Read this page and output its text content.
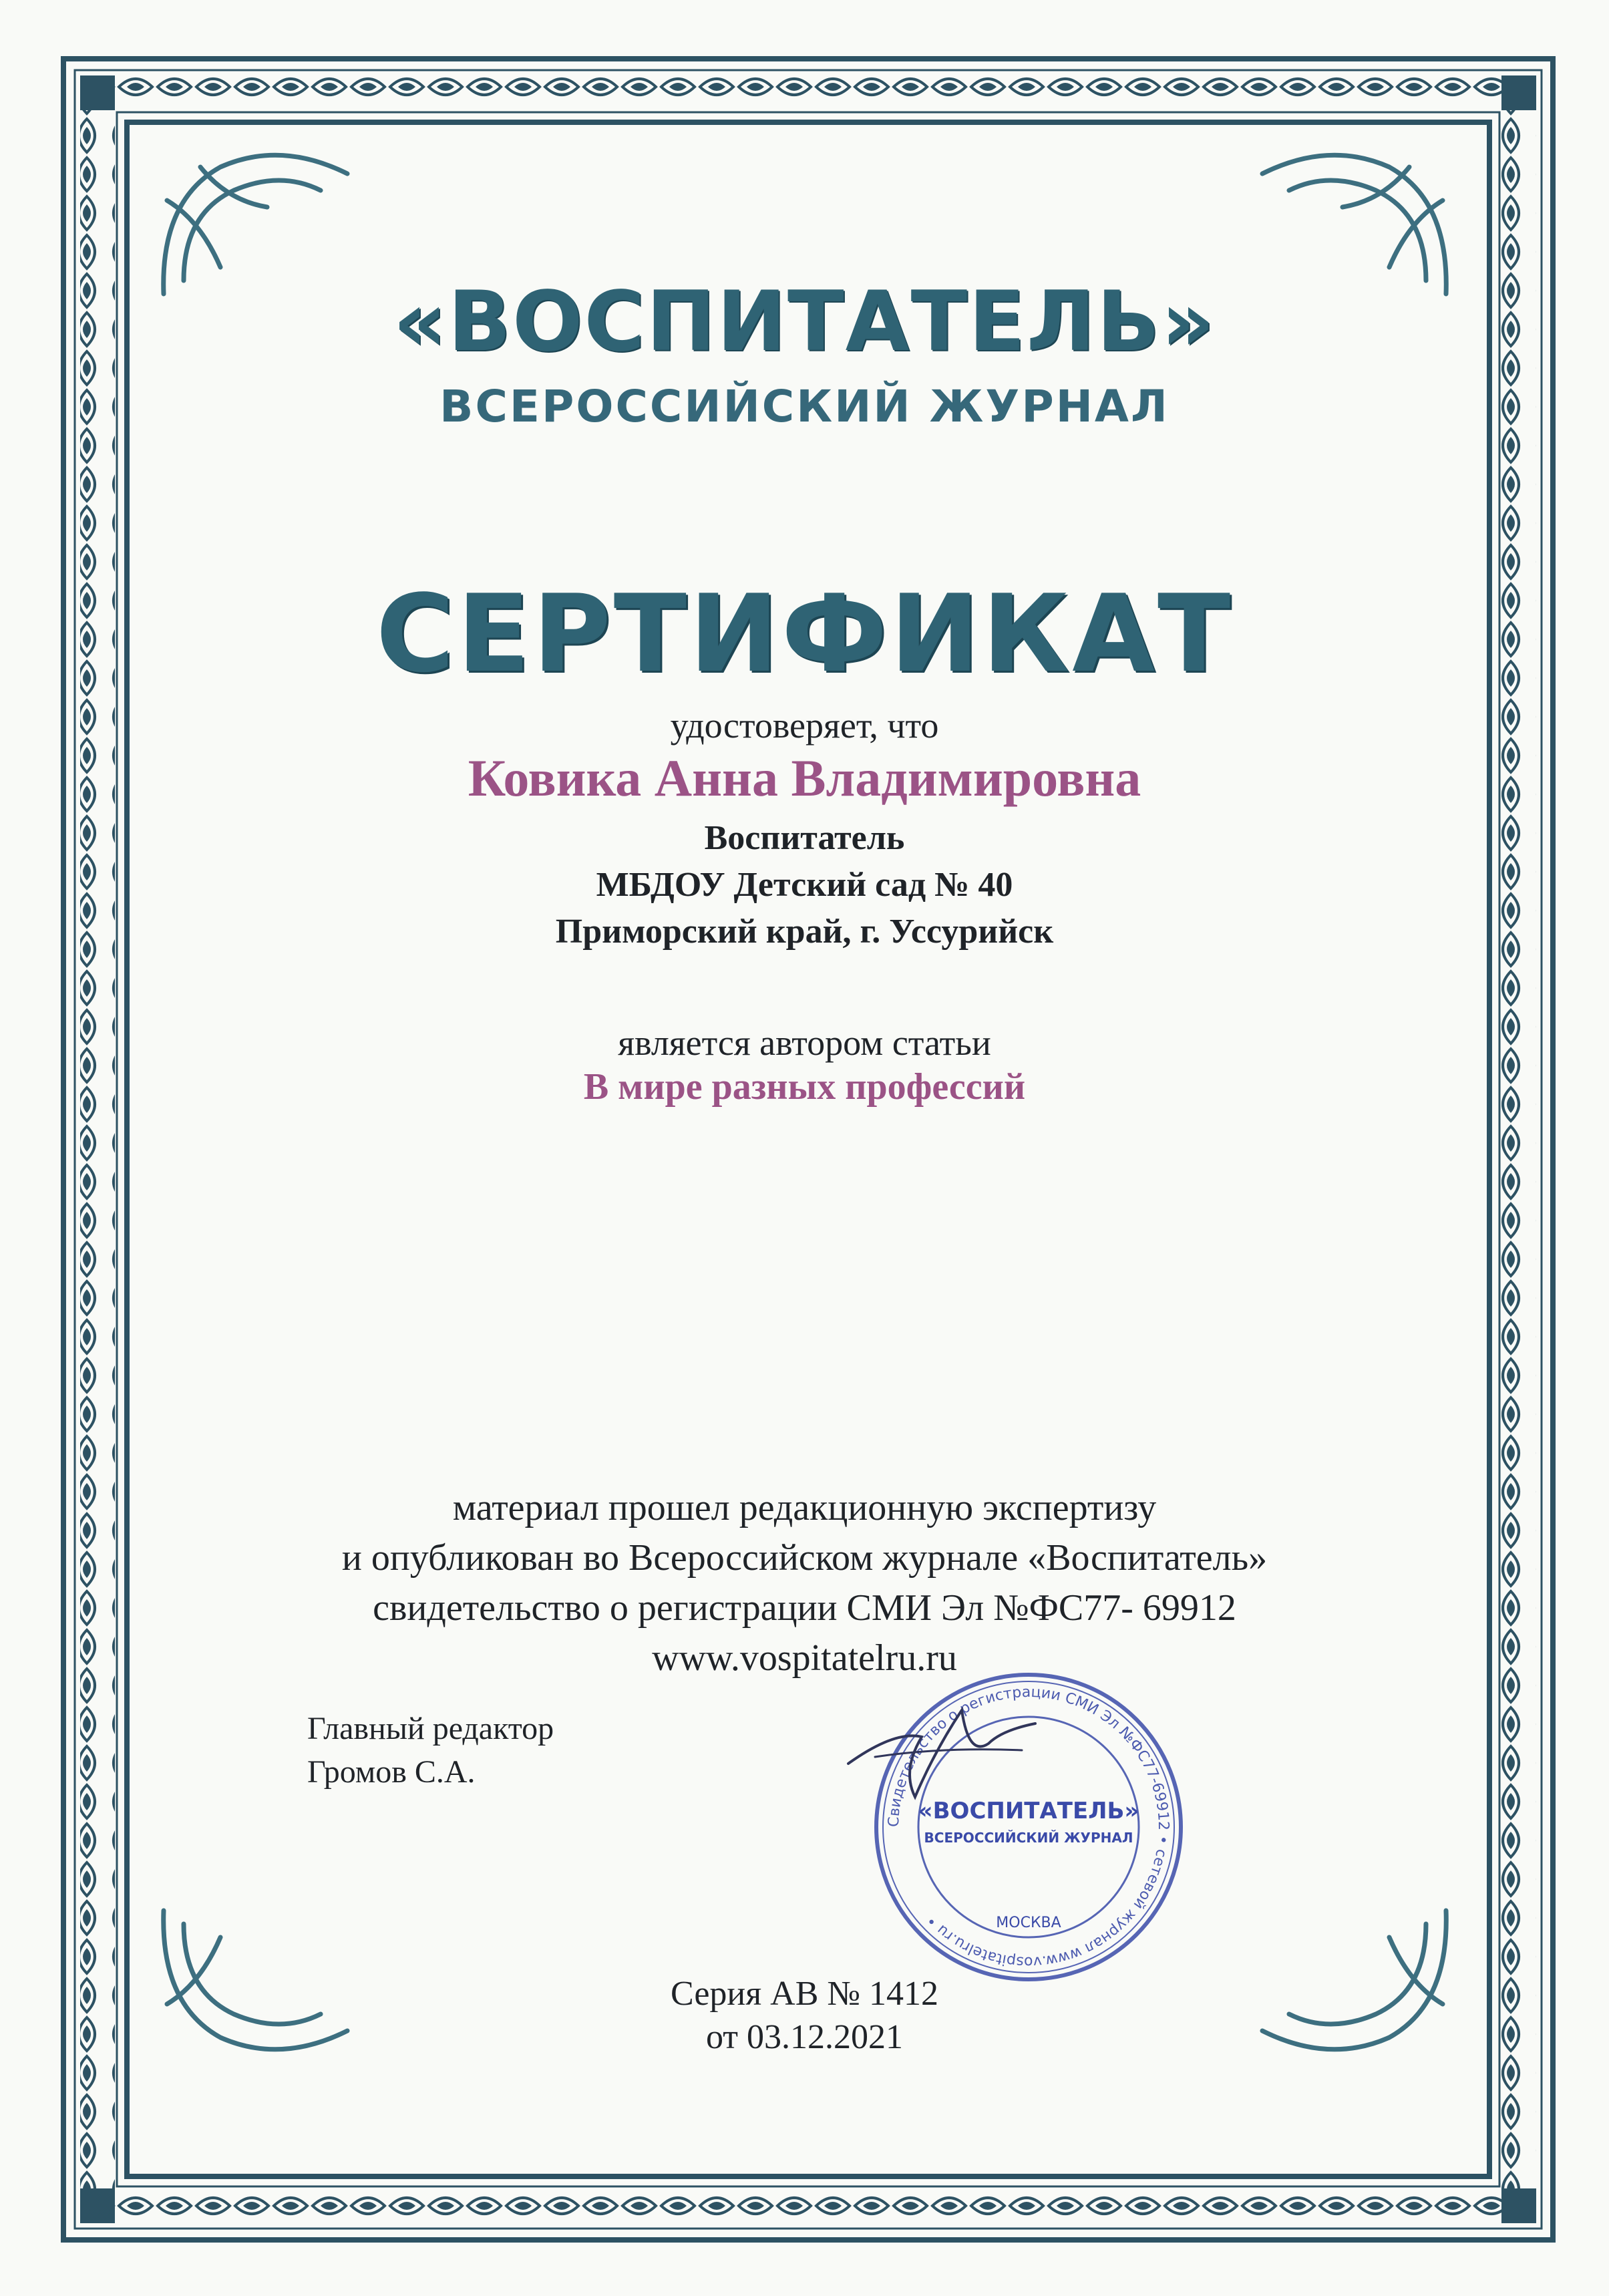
«ВОСПИТАТЕЛЬ»
ВСЕРОССИЙСКИЙ ЖУРНАЛ
СЕРТИФИКАТ
удостоверяет, что
Ковика Анна Владимировна
Воспитатель
МБДОУ Детский сад № 40
Приморский край, г. Уссурийск
является автором статьи
В мире разных профессий
материал прошел редакционную экспертизу
и опубликован во Всероссийском журнале «Воспитатель»
свидетельство о регистрации СМИ Эл №ФС77- 69912
www.vospitatelru.ru
Главный редактор
Громов С.А.
Свидетельство о регистрации СМИ Эл №ФС77-69912 • сетевой журнал www.vospitatelru.ru •
«ВОСПИТАТЕЛЬ»
ВСЕРОССИЙСКИЙ ЖУРНАЛ
МОСКВА
Серия АВ № 1412
от 03.12.2021
